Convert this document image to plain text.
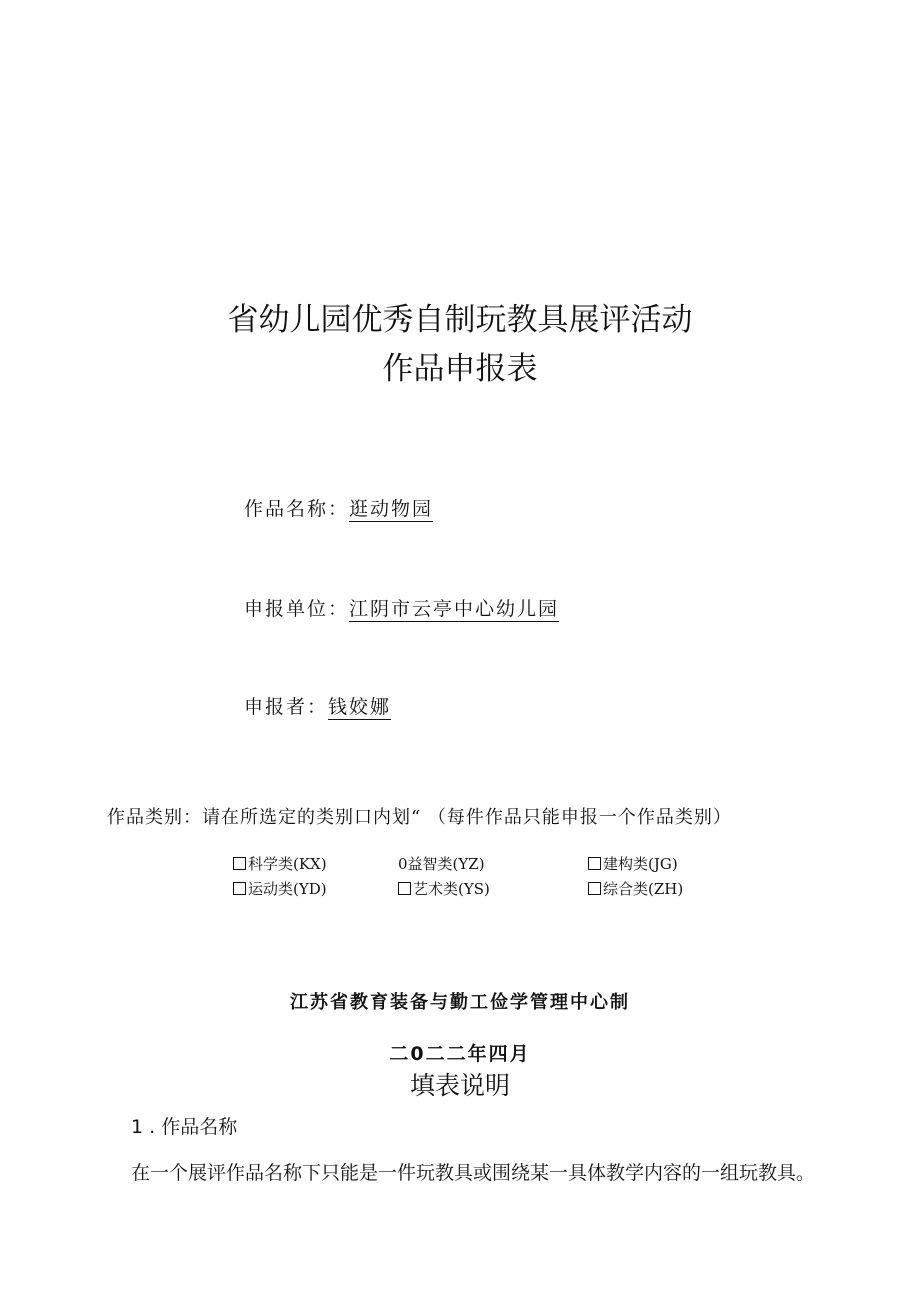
省幼儿园优秀自制玩教具展评活动
作品申报表
作品名称：逛动物园
申报单位：江阴市云亭中心幼儿园
申报者：钱姣娜
作品类别：请在所选定的类别口内划“ （每件作品只能申报一个作品类别）
科学类(KX)	0益智类(YZ)	建构类(JG)
运动类(YD)	艺术类(YS)	综合类(ZH)
江苏省教育装备与勤工俭学管理中心制
二0二二年四月
填表说明
1 . 作品名称
在一个展评作品名称下只能是一件玩教具或围绕某一具体教学内容的一组玩教具。
